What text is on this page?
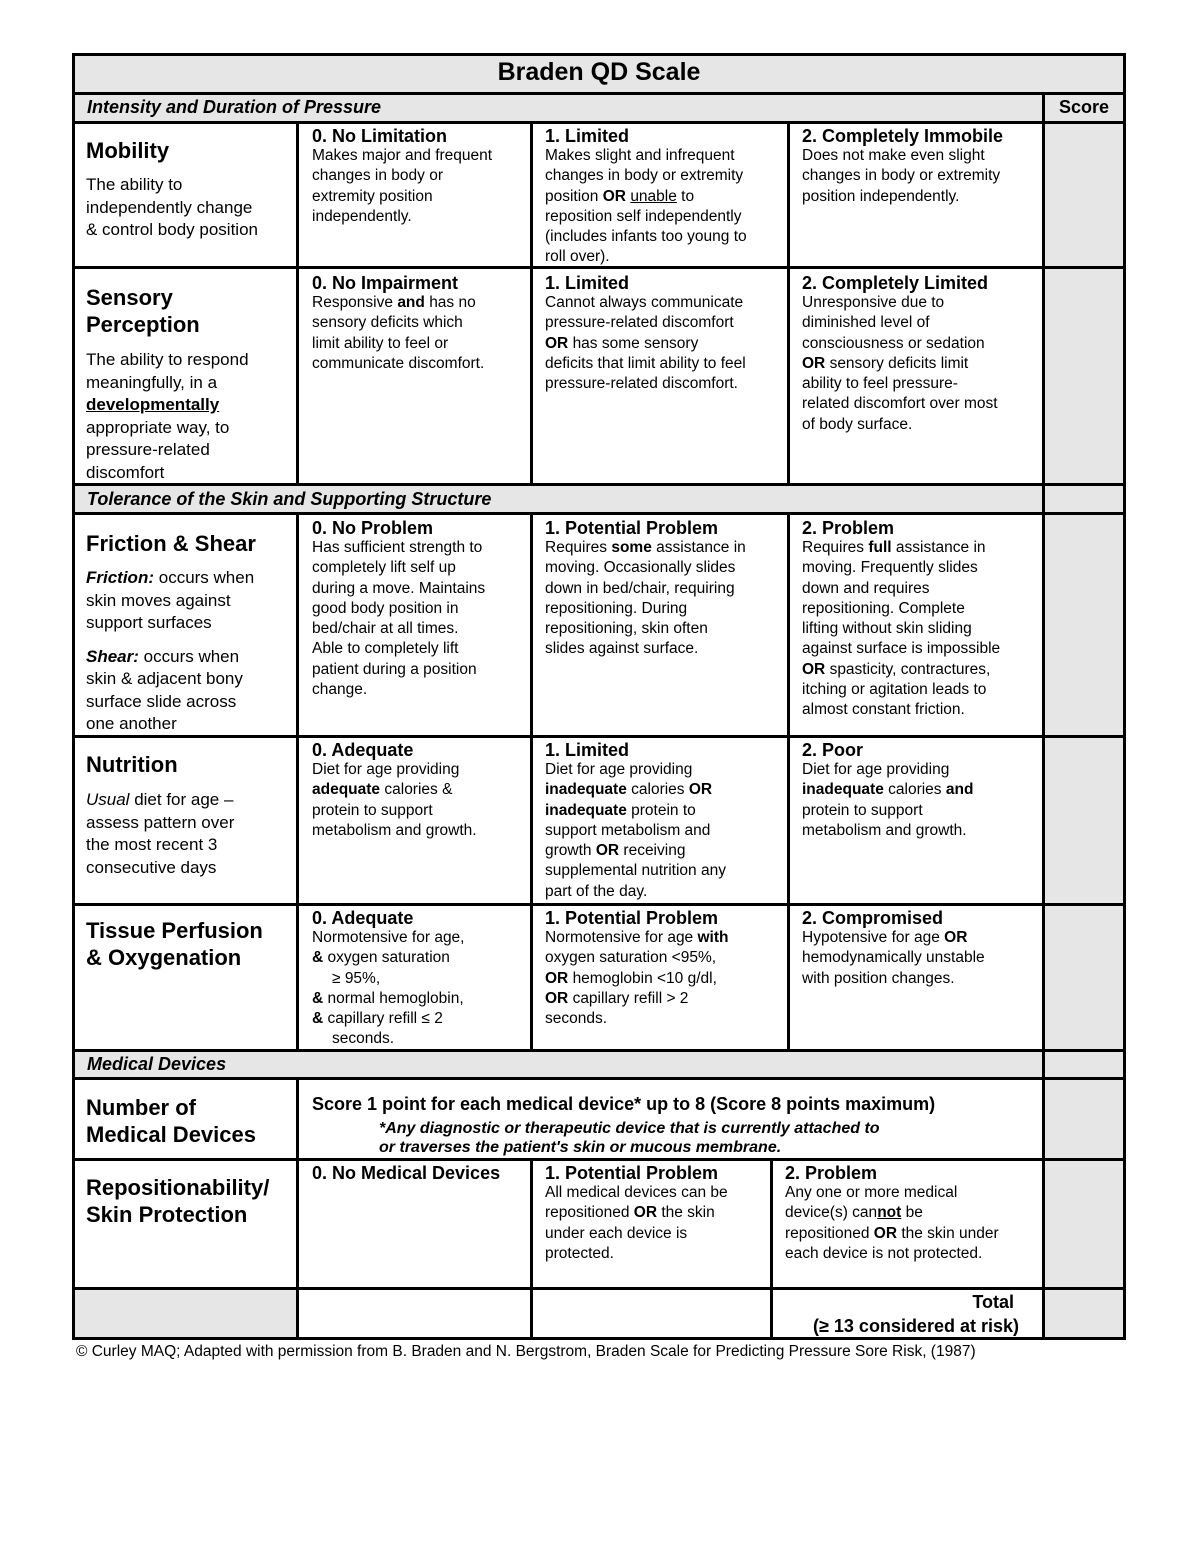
Braden QD Scale
Intensity and Duration of Pressure	Score
Tolerance of the Skin and Supporting Structure
Medical Devices
Mobility
The ability to
independently change
& control body position
0. No Limitation
Makes major and frequent
changes in body or
extremity position
independently.
1. Limited
Makes slight and infrequent
changes in body or extremity
position OR unable to
reposition self independently
(includes infants too young to
roll over).
2. Completely Immobile
Does not make even slight
changes in body or extremity
position independently.
Sensory
Perception
The ability to respond
meaningfully, in a
developmentally
appropriate way, to
pressure-related
discomfort
0. No Impairment
Responsive and has no
sensory deficits which
limit ability to feel or
communicate discomfort.
1. Limited
Cannot always communicate
pressure-related discomfort
OR has some sensory
deficits that limit ability to feel
pressure-related discomfort.
2. Completely Limited
Unresponsive due to
diminished level of
consciousness or sedation
OR sensory deficits limit
ability to feel pressure-
related discomfort over most
of body surface.
Friction & Shear
Friction: occurs when
skin moves against
support surfaces
Shear: occurs when
skin & adjacent bony
surface slide across
one another
0. No Problem
Has sufficient strength to
completely lift self up
during a move. Maintains
good body position in
bed/chair at all times.
Able to completely lift
patient during a position
change.
1. Potential Problem
Requires some assistance in
moving. Occasionally slides
down in bed/chair, requiring
repositioning. During
repositioning, skin often
slides against surface.
2. Problem
Requires full assistance in
moving. Frequently slides
down and requires
repositioning. Complete
lifting without skin sliding
against surface is impossible
OR spasticity, contractures,
itching or agitation leads to
almost constant friction.
Nutrition
Usual diet for age –
assess pattern over
the most recent 3
consecutive days
0. Adequate
Diet for age providing
adequate calories &
protein to support
metabolism and growth.
1. Limited
Diet for age providing
inadequate calories OR
inadequate protein to
support metabolism and
growth OR receiving
supplemental nutrition any
part of the day.
2. Poor
Diet for age providing
inadequate calories and
protein to support
metabolism and growth.
Tissue Perfusion
& Oxygenation
0. Adequate
Normotensive for age,
& oxygen saturation
≥ 95%,
& normal hemoglobin,
& capillary refill ≤ 2
seconds.
1. Potential Problem
Normotensive for age with
oxygen saturation <95%,
OR hemoglobin <10 g/dl,
OR capillary refill > 2
seconds.
2. Compromised
Hypotensive for age OR
hemodynamically unstable
with position changes.
Number of
Medical Devices
Score 1 point for each medical device* up to 8 (Score 8 points maximum)
*Any diagnostic or therapeutic device that is currently attached to
or traverses the patient's skin or mucous membrane.
Repositionability/
Skin Protection
0. No Medical Devices 1. Potential Problem
All medical devices can be
repositioned OR the skin
under each device is
protected.
2. Problem
Any one or more medical
device(s) cannot be
repositioned OR the skin under
each device is not protected.
Total
(≥ 13 considered at risk)
© Curley MAQ; Adapted with permission from B. Braden and N. Bergstrom, Braden Scale for Predicting Pressure Sore Risk, (1987)
